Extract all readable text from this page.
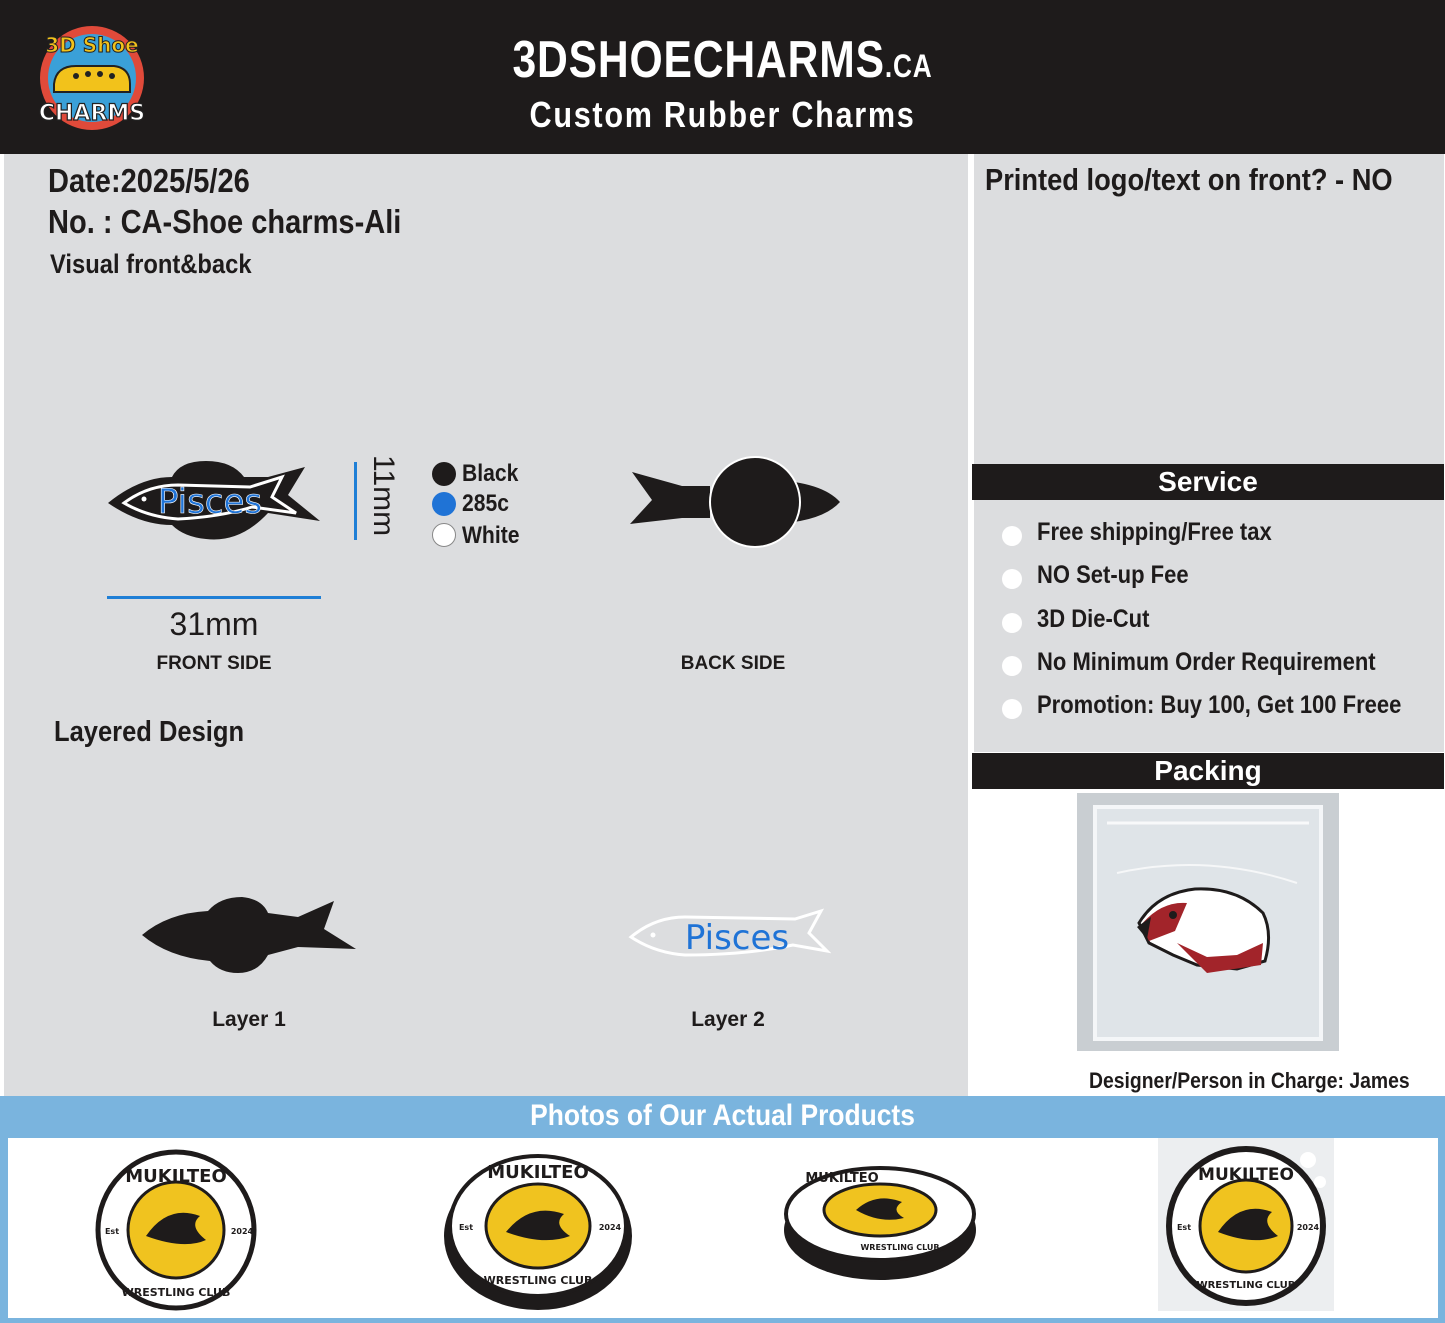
3D Shoe
CHARMS
3DSHOECHARMS.CA
Custom Rubber Charms
Date:2025/5/26
No. : CA-Shoe charms-Ali
Visual front&back
Pisces	11mm
31mm
FRONT SIDE
Black
285c
White
BACK SIDE
Layered Design
Layer 1
Pisces
Layer 2
Printed logo/text on front? - NO
Service
Free shipping/Free tax
NO Set-up Fee
3D Die-Cut
No Minimum Order Requirement
Promotion: Buy 100, Get 100 Freee
Packing
Designer/Person in Charge: James
Photos of Our Actual Products
MUKILTEO
WRESTLING CLUB
Est	2024
MUKILTEO
WRESTLING CLUB
Est	2024
MUKILTEO
WRESTLING CLUB
MUKILTEO
WRESTLING CLUB
Est	2024
